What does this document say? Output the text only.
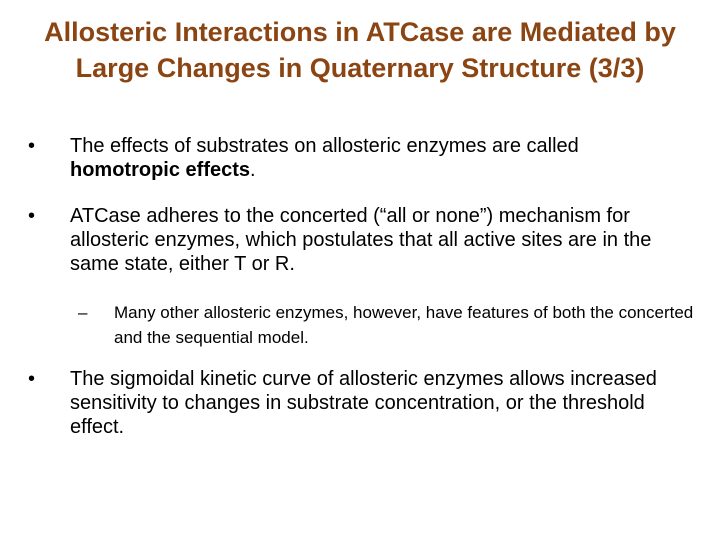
Allosteric Interactions in ATCase are Mediated by Large Changes in Quaternary Structure (3/3)
•	The effects of substrates on allosteric enzymes are called homotropic effects.
•	ATCase adheres to the concerted (“all or none”) mechanism for allosteric enzymes, which postulates that all active sites are in the same state, either T or R.
– Many other allosteric enzymes, however, have features of both the concerted and the sequential model.
•	The sigmoidal kinetic curve of allosteric enzymes allows increased sensitivity to changes in substrate concentration, or the threshold effect.
